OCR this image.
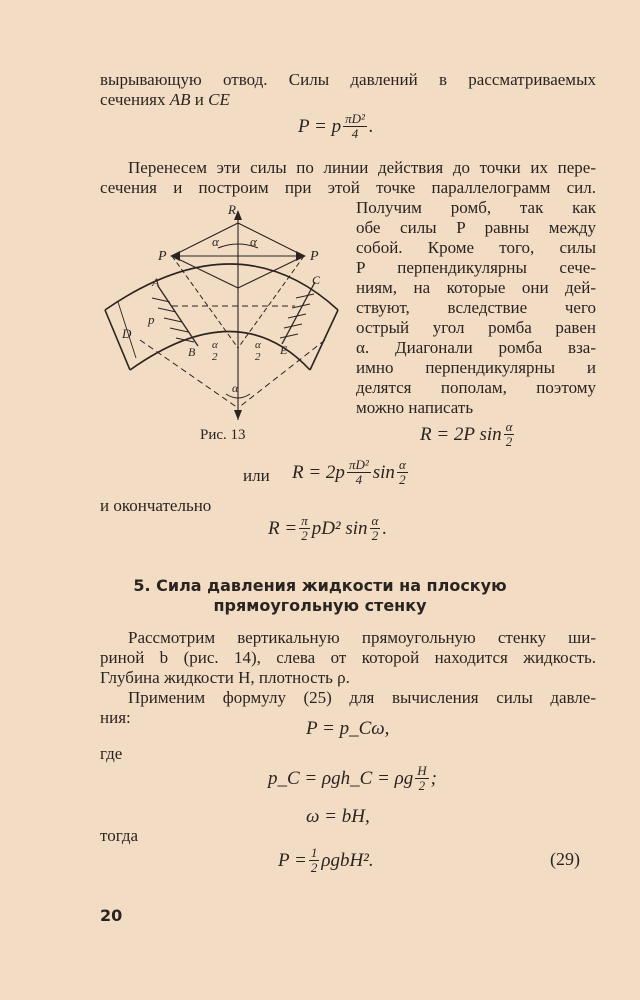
вырывающую отвод. Силы давлений в рассматриваемых
сечениях AB и CE
P = p $\frac{\text{πD²}}{4}$ .
Перенесем эти силы по линии действия до точки их пере-
сечения и построим при этой точке параллелограмм сил.
Получим ромб, так как
обе силы P равны между
собой. Кроме того, силы
P перпендикулярны сече-
ниям, на которые они дей-
ствуют, вследствие чего
острый угол ромба равен
α. Диагонали ромба вза-
имно перпендикулярны и
делятся пополам, поэтому
можно написать
R
P	P
α α
A
B
C
E
D
p
α
α
2
α
2
Рис. 13	R = 2P $\sin \frac{\alpha}{2}$
или $R = 2p \frac{\text{πD²}}{4}$ $\sin \frac{\alpha}{2}$
и окончательно
$R = \frac{\pi}{2} pD^2$ $\sin \frac{\alpha}{2}$ .
5. Сила давления жидкости на плоскую
прямоугольную стенку
Рассмотрим вертикальную прямоугольную стенку ши-
риной b (рис. 14), слева от которой находится жидкость.
Глубина жидкости H, плотность ρ.
Применим формулу (25) для вычисления силы давле-
ния:
P = p_Cω,
где
p_C = ρgh_C = ρg $\frac{H}{2}$ ;
ω = bH,
тогда
$P = \frac{1}{2} \rho gbH^2$.	(29)
20
